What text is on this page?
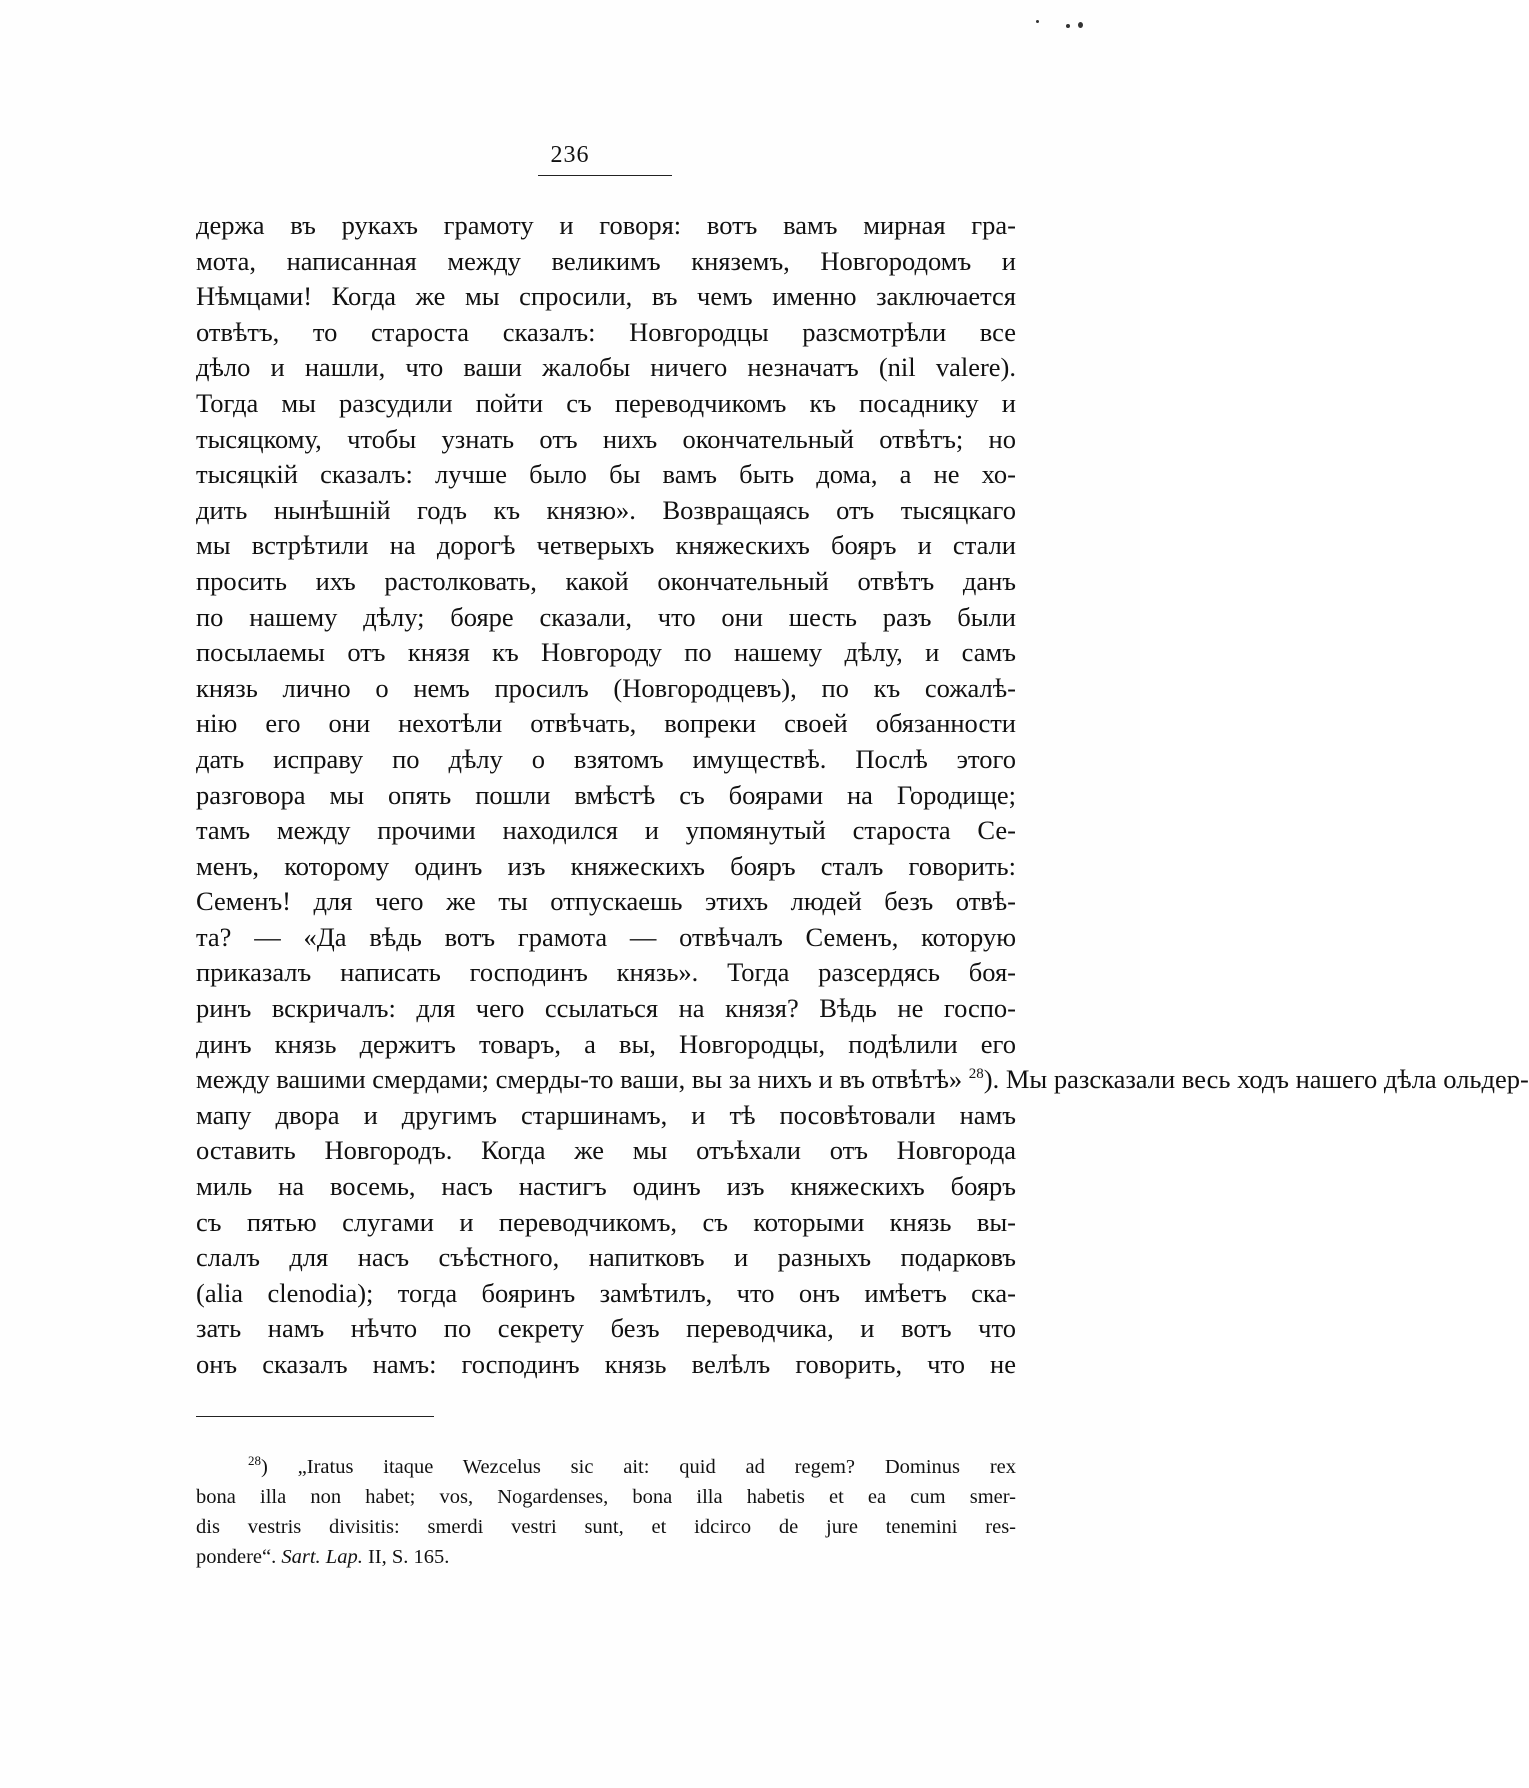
236
держа въ рукахъ грамоту и говоря: вотъ вамъ мирная гра-
мота, написанная между великимъ княземъ, Новгородомъ и
Нѣмцами! Когда же мы спросили, въ чемъ именно заключается
отвѣтъ, то староста сказалъ: Новгородцы разсмотрѣли все
дѣло и нашли, что ваши жалобы ничего незначатъ (nil valere).
Тогда мы разсудили пойти съ переводчикомъ къ посаднику и
тысяцкому, чтобы узнать отъ нихъ окончательный отвѣтъ; но
тысяцкій сказалъ: лучше было бы вамъ быть дома, а не хо-
дить нынѣшній годъ къ князю». Возвращаясь отъ тысяцкаго
мы встрѣтили на дорогѣ четверыхъ княжескихъ бояръ и стали
просить ихъ растолковать, какой окончательный отвѣтъ данъ
по нашему дѣлу; бояре сказали, что они шесть разъ были
посылаемы отъ князя къ Новгороду по нашему дѣлу, и самъ
князь лично о немъ просилъ (Новгородцевъ), по къ сожалѣ-
нію его они нехотѣли отвѣчать, вопреки своей обязанности
дать исправу по дѣлу о взятомъ имуществѣ. Послѣ этого
разговора мы опять пошли вмѣстѣ съ боярами на Городище;
тамъ между прочими находился и упомянутый староста Се-
менъ, которому одинъ изъ княжескихъ бояръ сталъ говорить:
Семенъ! для чего же ты отпускаешь этихъ людей безъ отвѣ-
та? — «Да вѣдь вотъ грамота — отвѣчалъ Семенъ, которую
приказалъ написать господинъ князь». Тогда разсердясь боя-
ринъ вскричалъ: для чего ссылаться на князя? Вѣдь не госпо-
динъ князь держитъ товаръ, а вы, Новгородцы, подѣлили его
между вашими смердами; смерды-то ваши, вы за нихъ и въ отвѣтѣ» $^{28}$). Мы разсказали весь ходъ нашего дѣла ольдер-
мапу двора и другимъ старшинамъ, и тѣ посовѣтовали намъ
оставить Новгородъ. Когда же мы отъѣхали отъ Новгорода
миль на восемь, насъ настигъ одинъ изъ княжескихъ бояръ
съ пятью слугами и переводчикомъ, съ которыми князь вы-
слалъ для насъ съѣстного, напитковъ и разныхъ подарковъ
(alia clenodia); тогда бояринъ замѣтилъ, что онъ имѣетъ ска-
зать намъ нѣчто по секрету безъ переводчика, и вотъ что
онъ сказалъ намъ: господинъ князь велѣлъ говорить, что не
$^{28}$) „Iratus itaque Wezcelus sic ait: quid ad regem? Dominus rex
bona illa non habet; vos, Nogardenses, bona illa habetis et ea cum smer-
dis vestris divisitis: smerdi vestri sunt, et idcirco de jure tenemini res-
pondere“. Sart. Lap. II, S. 165.
